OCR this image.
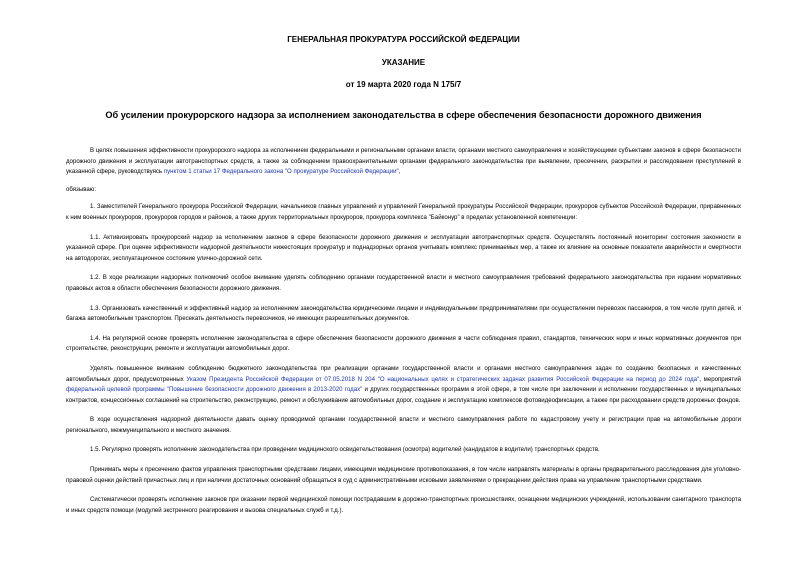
ГЕНЕРАЛЬНАЯ ПРОКУРАТУРА РОССИЙСКОЙ ФЕДЕРАЦИИ
УКАЗАНИЕ
от 19 марта 2020 года N 175/7
Об усилении прокурорского надзора за исполнением законодательства в сфере обеспечения безопасности дорожного движения

В целях повышения эффективности прокурорского надзора за исполнением федеральными и региональными органами власти, органами местного самоуправления и хозяйствующими субъектами законов в сфере безопасности дорожного движения и эксплуатации автотранспортных средств, а также за соблюдением правоохранительными органами федерального законодательства при выявлении, пресечении, раскрытии и расследовании преступлений в указанной сфере, руководствуясь пунктом 1 статьи 17 Федерального закона "О прокуратуре Российской Федерации",

обязываю:

1. Заместителей Генерального прокурора Российской Федерации, начальников главных управлений и управлений Генеральной прокуратуры Российской Федерации, прокуроров субъектов Российской Федерации, приравненных к ним военных прокуроров, прокуроров городов и районов, а также других территориальных прокуроров, прокурора комплекса "Байконур" в пределах установленной компетенции:

1.1. Активизировать прокурорский надзор за исполнением законов в сфере безопасности дорожного движения и эксплуатации автотранспортных средств. Осуществлять постоянный мониторинг состояния законности в указанной сфере. При оценке эффективности надзорной деятельности нижестоящих прокуратур и поднадзорных органов учитывать комплекс принимаемых мер, а также их влияние на основные показатели аварийности и смертности на автодорогах, эксплуатационное состояние улично-дорожной сети.

1.2. В ходе реализации надзорных полномочий особое внимание уделять соблюдению органами государственной власти и местного самоуправления требований федерального законодательства при издании нормативных правовых актов в области обеспечения безопасности дорожного движения.

1.3. Организовать качественный и эффективный надзор за исполнением законодательства юридическими лицами и индивидуальными предпринимателями при осуществлении перевозок пассажиров, в том числе групп детей, и багажа автомобильным транспортом. Пресекать деятельность перевозчиков, не имеющих разрешительных документов.

1.4. На регулярной основе проверять исполнение законодательства в сфере обеспечения безопасности дорожного движения в части соблюдения правил, стандартов, технических норм и иных нормативных документов при строительстве, реконструкции, ремонте и эксплуатации автомобильных дорог.

Уделять повышенное внимание соблюдению бюджетного законодательства при реализации органами государственной власти и органами местного самоуправления задач по созданию безопасных и качественных автомобильных дорог, предусмотренных Указом Президента Российской Федерации от 07.05.2018 N 204 "О национальных целях и стратегических задачах развития Российской Федерации на период до 2024 года", мероприятий федеральной целевой программы "Повышение безопасности дорожного движения в 2013-2020 годах" и других государственных программ в этой сфере, в том числе при заключении и исполнении государственных и муниципальных контрактов, концессионных соглашений на строительство, реконструкцию, ремонт и обслуживание автомобильных дорог, создание и эксплуатацию комплексов фотовидеофиксации, а также при расходовании средств дорожных фондов.

В ходе осуществления надзорной деятельности давать оценку проводимой органами государственной власти и местного самоуправления работе по кадастровому учету и регистрации прав на автомобильные дороги регионального, межмуниципального и местного значения.

1.5. Регулярно проверять исполнение законодательства при проведении медицинского освидетельствования (осмотра) водителей (кандидатов в водители) транспортных средств.

Принимать меры к пресечению фактов управления транспортными средствами лицами, имеющими медицинские противопоказания, в том числе направлять материалы в органы предварительного расследования для уголовно-правовой оценки действий причастных лиц и при наличии достаточных оснований обращаться в суд с административными исковыми заявлениями о прекращении действия права на управление транспортными средствами.

Систематически проверять исполнение законов при оказании первой медицинской помощи пострадавшим в дорожно-транспортных происшествиях, оснащении медицинских учреждений, использовании санитарного транспорта и иных средств помощи (модулей экстренного реагирования и вызова специальных служб и т.д.).
